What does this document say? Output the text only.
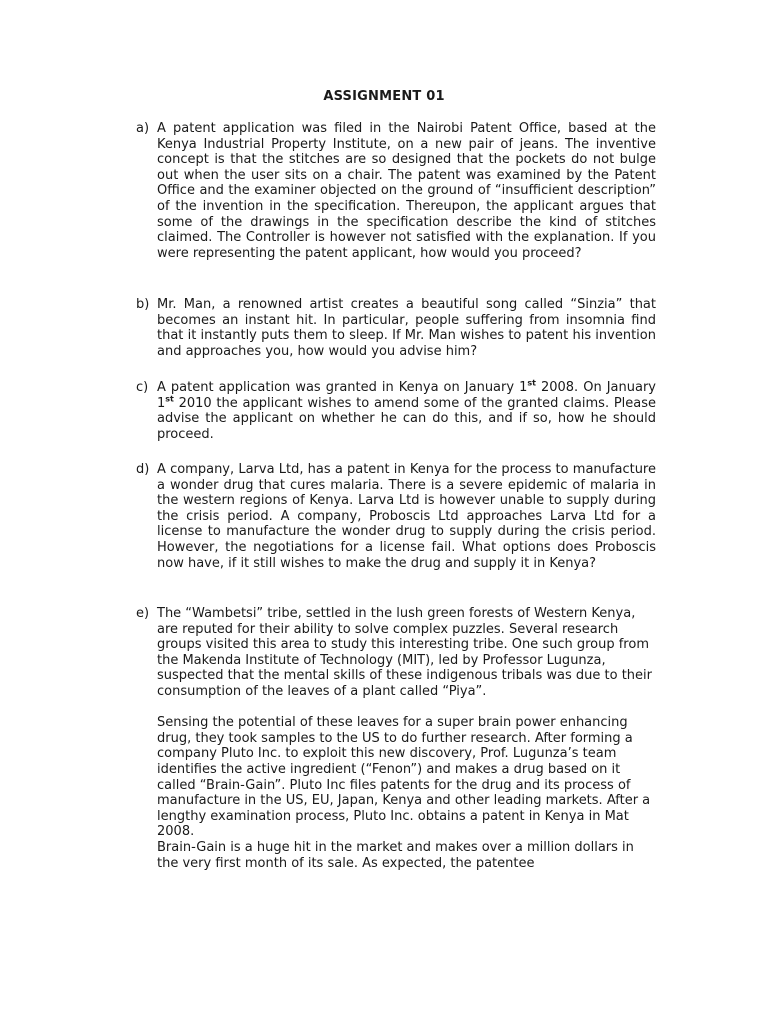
ASSIGNMENT 01
a) A patent application was filed in the Nairobi Patent Office, based at the Kenya Industrial Property Institute, on a new pair of jeans. The inventive concept is that the stitches are so designed that the pockets do not bulge out when the user sits on a chair. The patent was examined by the Patent Office and the examiner objected on the ground of “insufficient description” of the invention in the specification. Thereupon, the applicant argues that some of the drawings in the specification describe the kind of stitches claimed. The Controller is however not satisfied with the explanation. If you were representing the patent applicant, how would you proceed?
b) Mr. Man, a renowned artist creates a beautiful song called “Sinzia” that becomes an instant hit. In particular, people suffering from insomnia find that it instantly puts them to sleep. If Mr. Man wishes to patent his invention and approaches you, how would you advise him?
c) A patent application was granted in Kenya on January 1st 2008. On January 1st 2010 the applicant wishes to amend some of the granted claims. Please advise the applicant on whether he can do this, and if so, how he should proceed.
d) A company, Larva Ltd, has a patent in Kenya for the process to manufacture a wonder drug that cures malaria. There is a severe epidemic of malaria in the western regions of Kenya. Larva Ltd is however unable to supply during the crisis period. A company, Proboscis Ltd approaches Larva Ltd for a license to manufacture the wonder drug to supply during the crisis period. However, the negotiations for a license fail. What options does Proboscis now have, if it still wishes to make the drug and supply it in Kenya?
e) The “Wambetsi” tribe, settled in the lush green forests of Western Kenya, are reputed for their ability to solve complex puzzles. Several research groups visited this area to study this interesting tribe. One such group from the Makenda Institute of Technology (MIT), led by Professor Lugunza, suspected that the mental skills of these indigenous tribals was due to their consumption of the leaves of a plant called “Piya”.

Sensing the potential of these leaves for a super brain power enhancing drug, they took samples to the US to do further research. After forming a company Pluto Inc. to exploit this new discovery, Prof. Lugunza’s team identifies the active ingredient (“Fenon”) and makes a drug based on it called “Brain-Gain”. Pluto Inc files patents for the drug and its process of manufacture in the US, EU, Japan, Kenya and other leading markets. After a lengthy examination process, Pluto Inc. obtains a patent in Kenya in Mat 2008.

Brain-Gain is a huge hit in the market and makes over a million dollars in the very first month of its sale. As expected, the patentee
